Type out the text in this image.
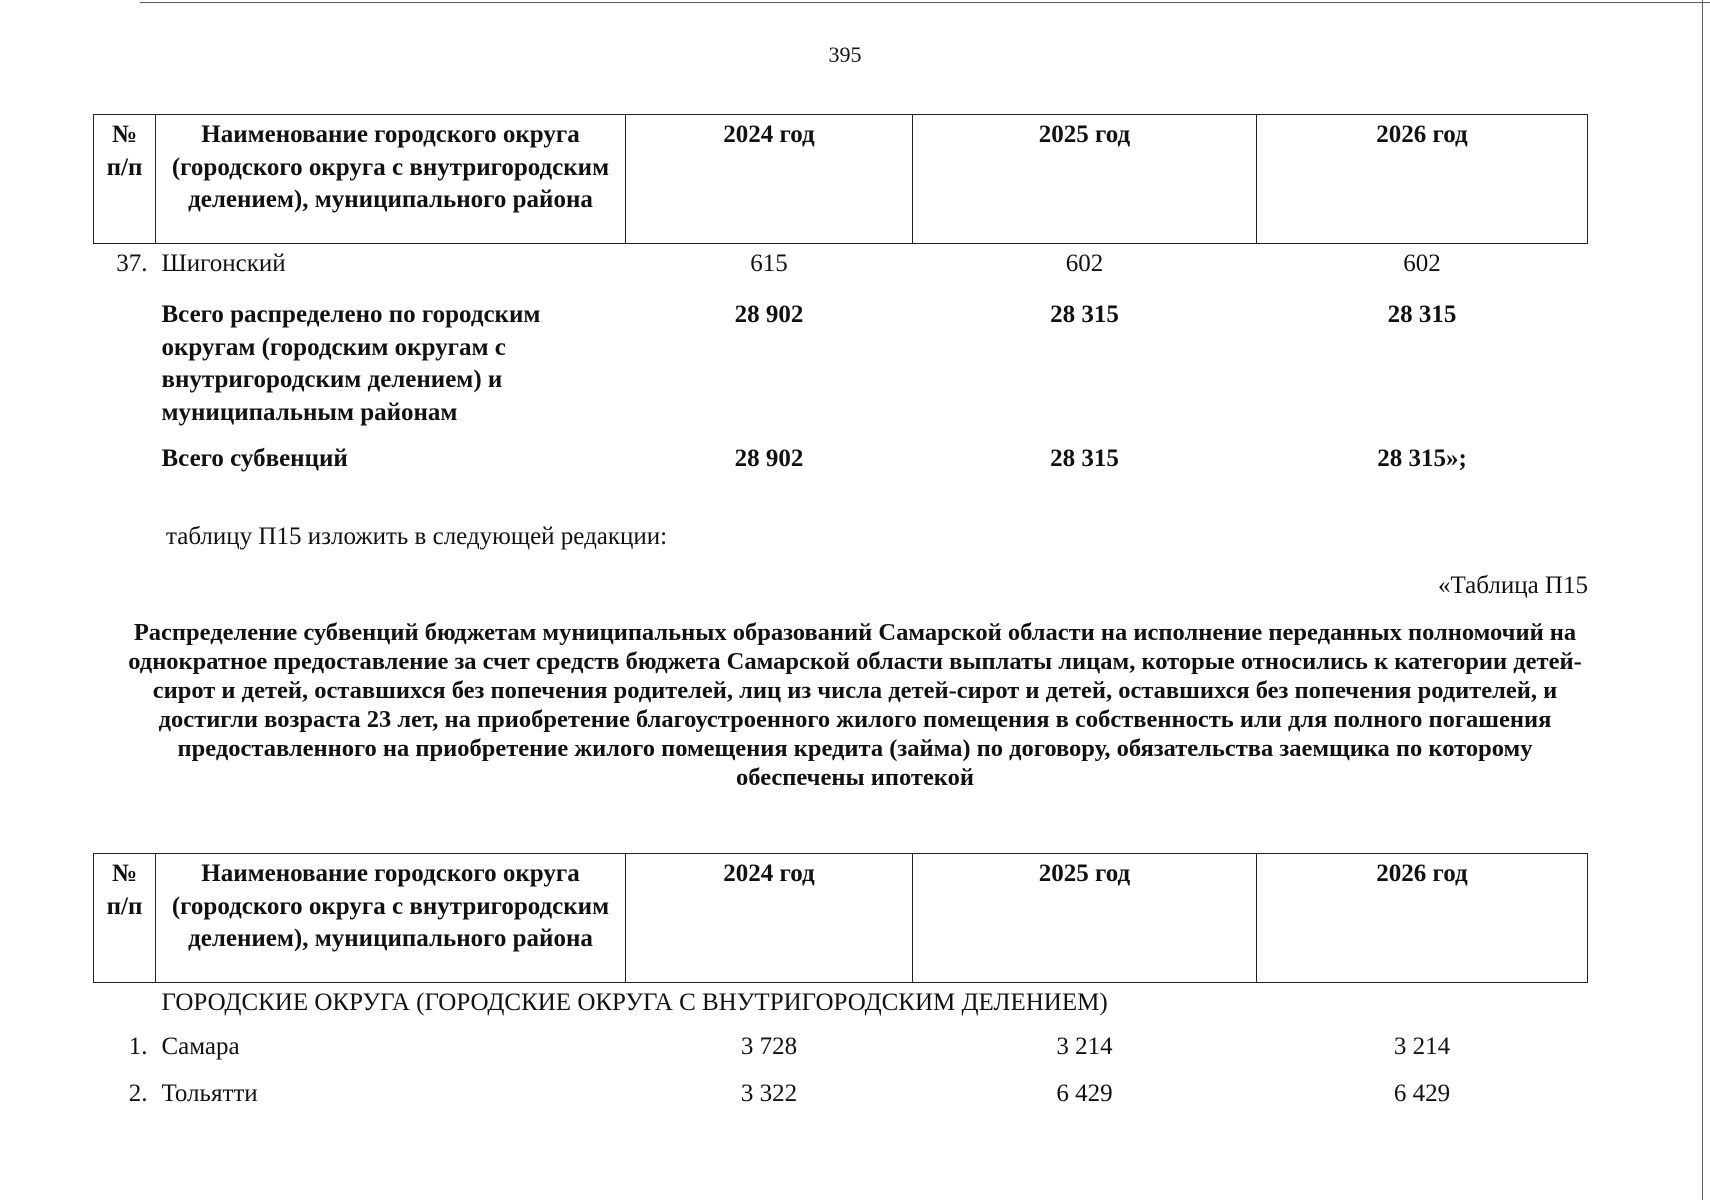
395
№ п/п	Наименование городского округа (городского округа с внутригородским делением), муниципального района	2024 год	2025 год	2026 год
37.	Шигонский	615	602	602
	Всего распределено по городским округам (городским округам с внутригородским делением) и муниципальным районам	28 902	28 315	28 315
	Всего субвенций	28 902	28 315	28 315»;
таблицу П15 изложить в следующей редакции:
«Таблица П15
Распределение субвенций бюджетам муниципальных образований Самарской области на исполнение переданных полномочий на однократное предоставление за счет средств бюджета Самарской области выплаты лицам, которые относились к категории детей-сирот и детей, оставшихся без попечения родителей, лиц из числа детей-сирот и детей, оставшихся без попечения родителей, и достигли возраста 23 лет, на приобретение благоустроенного жилого помещения в собственность или для полного погашения предоставленного на приобретение жилого помещения кредита (займа) по договору, обязательства заемщика по которому обеспечены ипотекой
№ п/п	Наименование городского округа (городского округа с внутригородским делением), муниципального района	2024 год	2025 год	2026 год
	ГОРОДСКИЕ ОКРУГА (ГОРОДСКИЕ ОКРУГА С ВНУТРИГОРОДСКИМ ДЕЛЕНИЕМ)			
1.	Самара	3 728	3 214	3 214
2.	Тольятти	3 322	6 429	6 429
